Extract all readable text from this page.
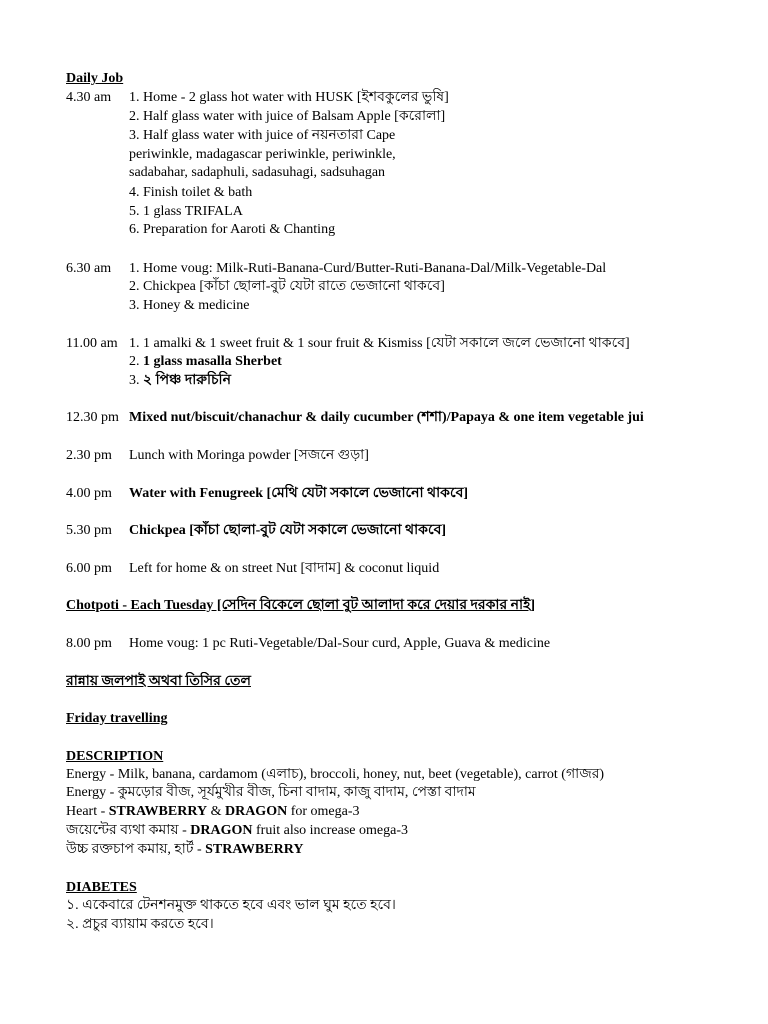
Daily Job
4.30 am 1. Home - 2 glass hot water with HUSK [ইশবকুলের ভুষি]
2. Half glass water with juice of Balsam Apple [করোলা]
3. Half glass water with juice of নয়নতারা Cape
periwinkle, madagascar periwinkle, periwinkle,
sadabahar, sadaphuli, sadasuhagi, sadsuhagan
4. Finish toilet & bath
5. 1 glass TRIFALA
6. Preparation for Aaroti & Chanting
6.30 am 1. Home voug: Milk-Ruti-Banana-Curd/Butter-Ruti-Banana-Dal/Milk-Vegetable-Dal
2. Chickpea [কাঁচা ছোলা-বুট যেটা রাতে ভেজানো থাকবে]
3. Honey & medicine
11.00 am 1. 1 amalki & 1 sweet fruit & 1 sour fruit & Kismiss [যেটা সকালে জলে ভেজানো থাকবে]
2. 1 glass masalla Sherbet
3. ২ পিঞ্চ দারুচিনি
12.30 pm Mixed nut/biscuit/chanachur & daily cucumber (শশা)/Papaya & one item vegetable jui
2.30 pm Lunch with Moringa powder [সজনে গুড়া]
4.00 pm Water with Fenugreek [মেথি যেটা সকালে ভেজানো থাকবে]
5.30 pm Chickpea [কাঁচা ছোলা-বুট যেটা সকালে ভেজানো থাকবে]
6.00 pm Left for home & on street Nut [বাদাম] & coconut liquid
Chotpoti - Each Tuesday [সেদিন বিকেলে ছোলা বুট আলাদা করে দেয়ার দরকার নাই]
8.00 pm Home voug: 1 pc Ruti-Vegetable/Dal-Sour curd, Apple, Guava & medicine
রান্নায় জলপাই অথবা তিসির তেল
Friday travelling
DESCRIPTION
Energy - Milk, banana, cardamom (এলাচ), broccoli, honey, nut, beet (vegetable), carrot (গাজর)
Energy - কুমড়োর বীজ, সূর্যমুখীর বীজ, চিনা বাদাম, কাজু বাদাম, পেস্তা বাদাম
Heart - STRAWBERRY & DRAGON for omega-3
জয়েন্টের ব্যথা কমায় - DRAGON fruit also increase omega-3
উচ্চ রক্তচাপ কমায়, হার্ট - STRAWBERRY
DIABETES
১. একেবারে টেনশনমুক্ত থাকতে হবে এবং ভাল ঘুম হতে হবে।
২. প্রচুর ব্যায়াম করতে হবে।
